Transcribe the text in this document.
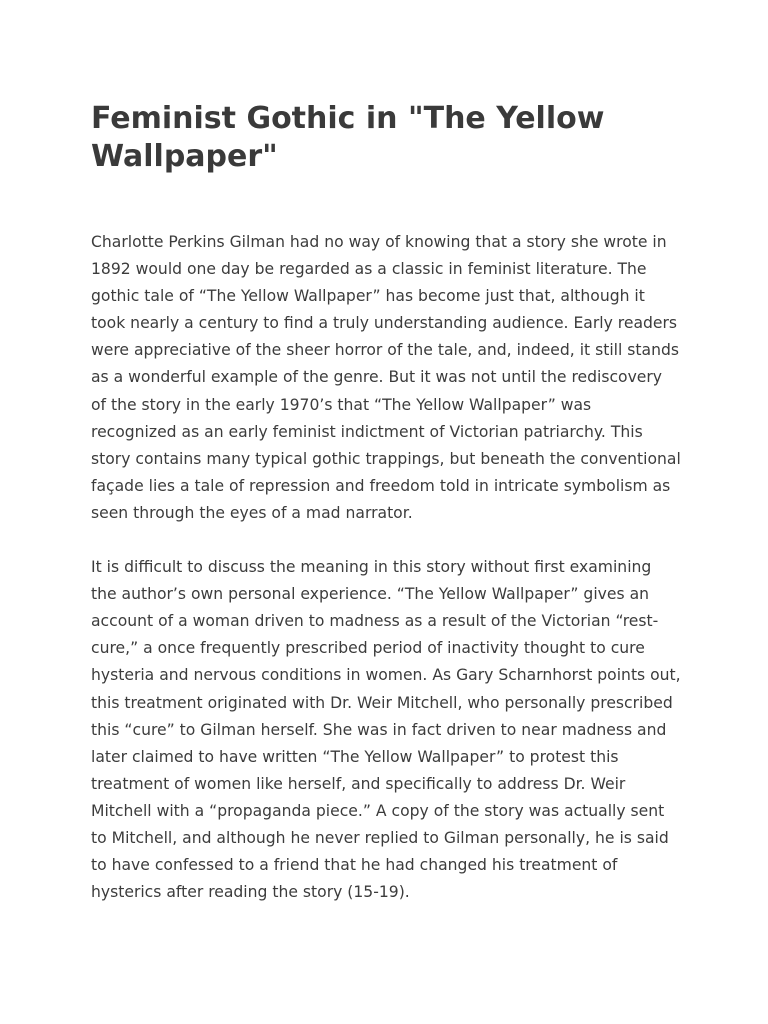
Feminist Gothic in "The Yellow Wallpaper"

Charlotte Perkins Gilman had no way of knowing that a story she wrote in 1892 would one day be regarded as a classic in feminist literature. The gothic tale of “The Yellow Wallpaper” has become just that, although it took nearly a century to find a truly understanding audience. Early readers were appreciative of the sheer horror of the tale, and, indeed, it still stands as a wonderful example of the genre. But it was not until the rediscovery of the story in the early 1970’s that “The Yellow Wallpaper” was recognized as an early feminist indictment of Victorian patriarchy. This story contains many typical gothic trappings, but beneath the conventional façade lies a tale of repression and freedom told in intricate symbolism as seen through the eyes of a mad narrator.

It is difficult to discuss the meaning in this story without first examining the author’s own personal experience. “The Yellow Wallpaper” gives an account of a woman driven to madness as a result of the Victorian “rest-cure,” a once frequently prescribed period of inactivity thought to cure hysteria and nervous conditions in women. As Gary Scharnhorst points out, this treatment originated with Dr. Weir Mitchell, who personally prescribed this “cure” to Gilman herself. She was in fact driven to near madness and later claimed to have written “The Yellow Wallpaper” to protest this treatment of women like herself, and specifically to address Dr. Weir Mitchell with a “propaganda piece.” A copy of the story was actually sent to Mitchell, and although he never replied to Gilman personally, he is said to have confessed to a friend that he had changed his treatment of hysterics after reading the story (15-19).
